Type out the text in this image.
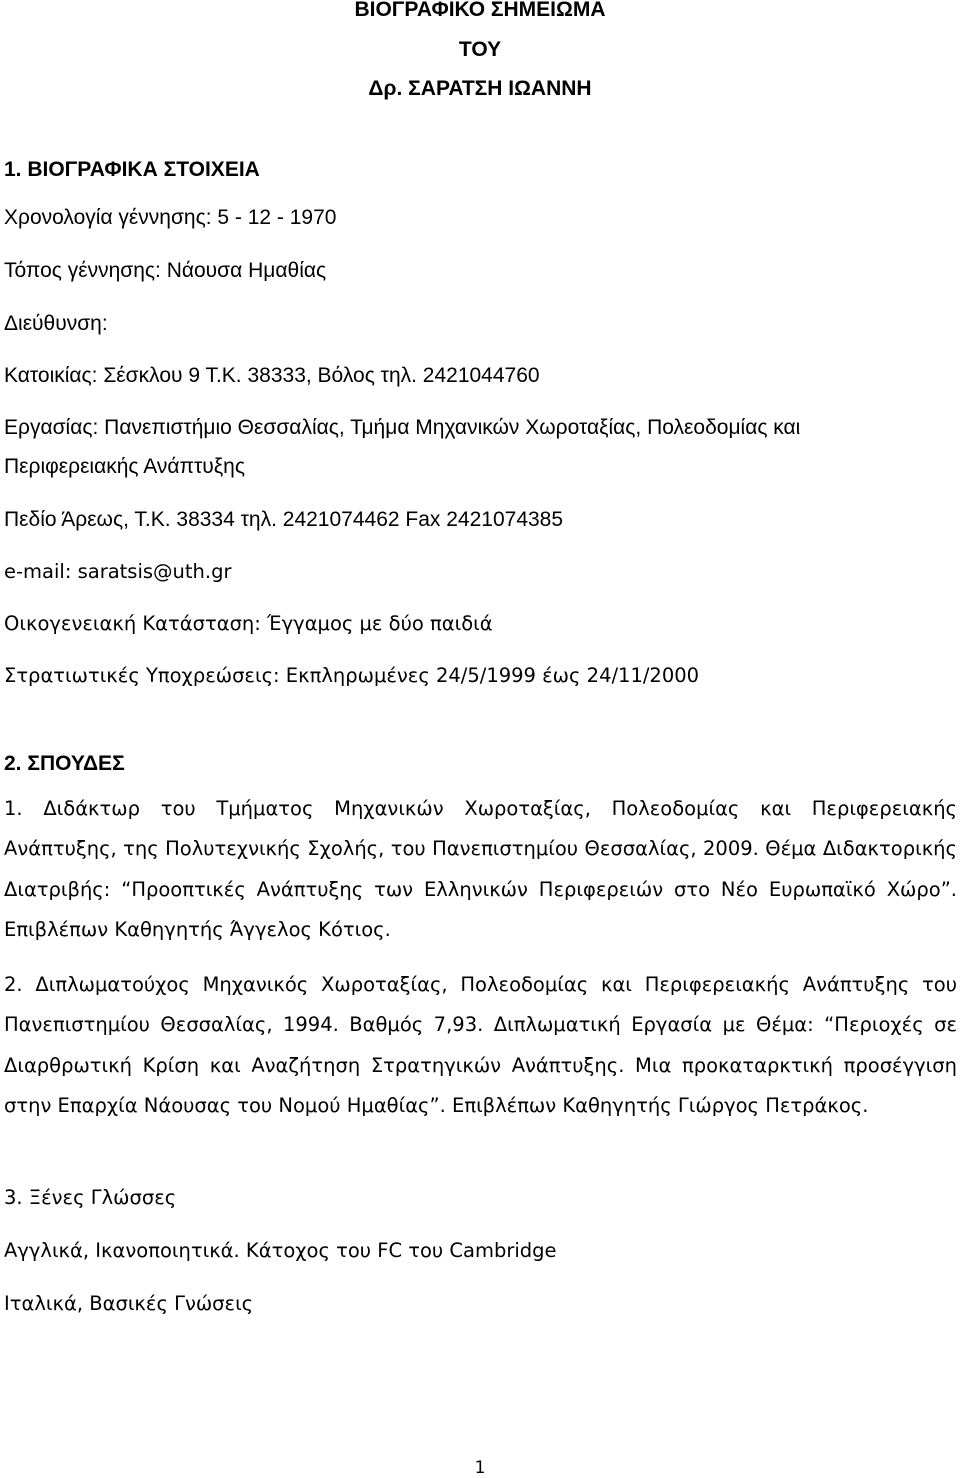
ΒΙΟΓΡΑΦΙΚΟ ΣΗΜΕΙΩΜΑ
ΤΟΥ
Δρ. ΣΑΡΑΤΣΗ ΙΩΑΝΝΗ
1. ΒΙΟΓΡΑΦΙΚΑ ΣΤΟΙΧΕΙΑ
Χρονολογία γέννησης: 5 - 12 - 1970
Τόπος γέννησης: Νάουσα Ημαθίας
Διεύθυνση:
Κατοικίας: Σέσκλου 9 Τ.Κ. 38333, Βόλος τηλ. 2421044760
Εργασίας: Πανεπιστήμιο Θεσσαλίας, Τμήμα Μηχανικών Χωροταξίας, Πολεοδομίας και
Περιφερειακής Ανάπτυξης
Πεδίο Άρεως, Τ.Κ. 38334 τηλ. 2421074462 Fax 2421074385
e-mail: saratsis@uth.gr
Οικογενειακή Κατάσταση: Έγγαμος με δύο παιδιά
Στρατιωτικές Υποχρεώσεις: Εκπληρωμένες 24/5/1999 έως 24/11/2000
2. ΣΠΟΥΔΕΣ
1. Διδάκτωρ του Τμήματος Μηχανικών Χωροταξίας, Πολεοδομίας και Περιφερειακής Ανάπτυξης, της Πολυτεχνικής Σχολής, του Πανεπιστημίου Θεσσαλίας, 2009. Θέμα Διδακτορικής Διατριβής: “Προοπτικές Ανάπτυξης των Ελληνικών Περιφερειών στο Νέο Ευρωπαϊκό Χώρο”. Επιβλέπων Καθηγητής Άγγελος Κότιος.
2. Διπλωματούχος Μηχανικός Χωροταξίας, Πολεοδομίας και Περιφερειακής Ανάπτυξης του Πανεπιστημίου Θεσσαλίας, 1994. Βαθμός 7,93. Διπλωματική Εργασία με Θέμα: “Περιοχές σε Διαρθρωτική Κρίση και Αναζήτηση Στρατηγικών Ανάπτυξης. Μια προκαταρκτική προσέγγιση στην Επαρχία Νάουσας του Νομού Ημαθίας”. Επιβλέπων Καθηγητής Γιώργος Πετράκος.
3. Ξένες Γλώσσες
Αγγλικά, Ικανοποιητικά. Κάτοχος του FC του Cambridge
Ιταλικά, Βασικές Γνώσεις
1
